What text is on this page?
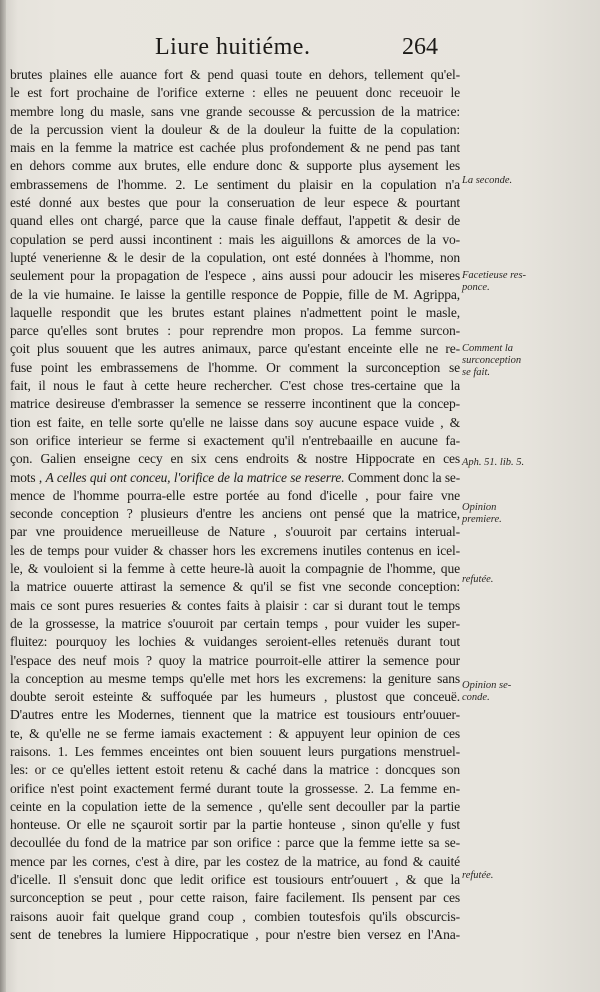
Liure huitiéme.	264
brutes plaines elle auance fort & pend quasi toute en dehors, tellement qu'el-
le est fort prochaine de l'orifice externe : elles ne peuuent donc receuoir le
membre long du masle, sans vne grande secousse & percussion de la matrice:
de la percussion vient la douleur & de la douleur la fuitte de la copulation:
mais en la femme la matrice est cachée plus profondement & ne pend pas tant
en dehors comme aux brutes, elle endure donc & supporte plus aysement les
embrassemens de l'homme. 2. Le sentiment du plaisir en la copulation n'a
esté donné aux bestes que pour la conseruation de leur espece & pourtant
quand elles ont chargé, parce que la cause finale deffaut, l'appetit & desir de
copulation se perd aussi incontinent : mais les aiguillons & amorces de la vo-
lupté venerienne & le desir de la copulation, ont esté données à l'homme, non
seulement pour la propagation de l'espece , ains aussi pour adoucir les miseres
de la vie humaine. Ie laisse la gentille responce de Poppie, fille de M. Agrippa,
laquelle respondit que les brutes estant plaines n'admettent point le masle,
parce qu'elles sont brutes : pour reprendre mon propos. La femme surcon-
çoit plus souuent que les autres animaux, parce qu'estant enceinte elle ne re-
fuse point les embrassemens de l'homme. Or comment la surconception se
fait, il nous le faut à cette heure rechercher. C'est chose tres-certaine que la
matrice desireuse d'embrasser la semence se resserre incontinent que la concep-
tion est faite, en telle sorte qu'elle ne laisse dans soy aucune espace vuide , &
son orifice interieur se ferme si exactement qu'il n'entrebaaille en aucune fa-
çon. Galien enseigne cecy en six cens endroits & nostre Hippocrate en ces
mots , A celles qui ont conceu, l'orifice de la matrice se reserre. Comment donc la se-
mence de l'homme pourra-elle estre portée au fond d'icelle , pour faire vne
seconde conception ? plusieurs d'entre les anciens ont pensé que la matrice,
par vne prouidence merueilleuse de Nature , s'ouuroit par certains interual-
les de temps pour vuider & chasser hors les excremens inutiles contenus en icel-
le, & vouloient si la femme à cette heure-là auoit la compagnie de l'homme, que
la matrice ouuerte attirast la semence & qu'il se fist vne seconde conception:
mais ce sont pures resueries & contes faits à plaisir : car si durant tout le temps
de la grossesse, la matrice s'ouuroit par certain temps , pour vuider les super-
fluitez: pourquoy les lochies & vuidanges seroient-elles retenuës durant tout
l'espace des neuf mois ? quoy la matrice pourroit-elle attirer la semence pour
la conception au mesme temps qu'elle met hors les excremens: la geniture sans
doubte seroit esteinte & suffoquée par les humeurs , plustost que conceuë.
D'autres entre les Modernes, tiennent que la matrice est tousiours entr'ouuer-
te, & qu'elle ne se ferme iamais exactement : & appuyent leur opinion de ces
raisons. 1. Les femmes enceintes ont bien souuent leurs purgations menstruel-
les: or ce qu'elles iettent estoit retenu & caché dans la matrice : doncques son
orifice n'est point exactement fermé durant toute la grossesse. 2. La femme en-
ceinte en la copulation iette de la semence , qu'elle sent decouller par la partie
honteuse. Or elle ne sçauroit sortir par la partie honteuse , sinon qu'elle y fust
decoullée du fond de la matrice par son orifice : parce que la femme iette sa se-
mence par les cornes, c'est à dire, par les costez de la matrice, au fond & cauité
d'icelle. Il s'ensuit donc que ledit orifice est tousiours entr'ouuert , & que la
surconception se peut , pour cette raison, faire facilement. Ils pensent par ces
raisons auoir fait quelque grand coup , combien toutesfois qu'ils obscurcis-
sent de tenebres la lumiere Hippocratique , pour n'estre bien versez en l'Ana-
La seconde.
Facetieuse res-
ponce.
Comment la
surconception
se fait.
Aph. 51. lib. 5.
Opinion
premiere.
refutée.
Opinion se-
conde.
refutée.
